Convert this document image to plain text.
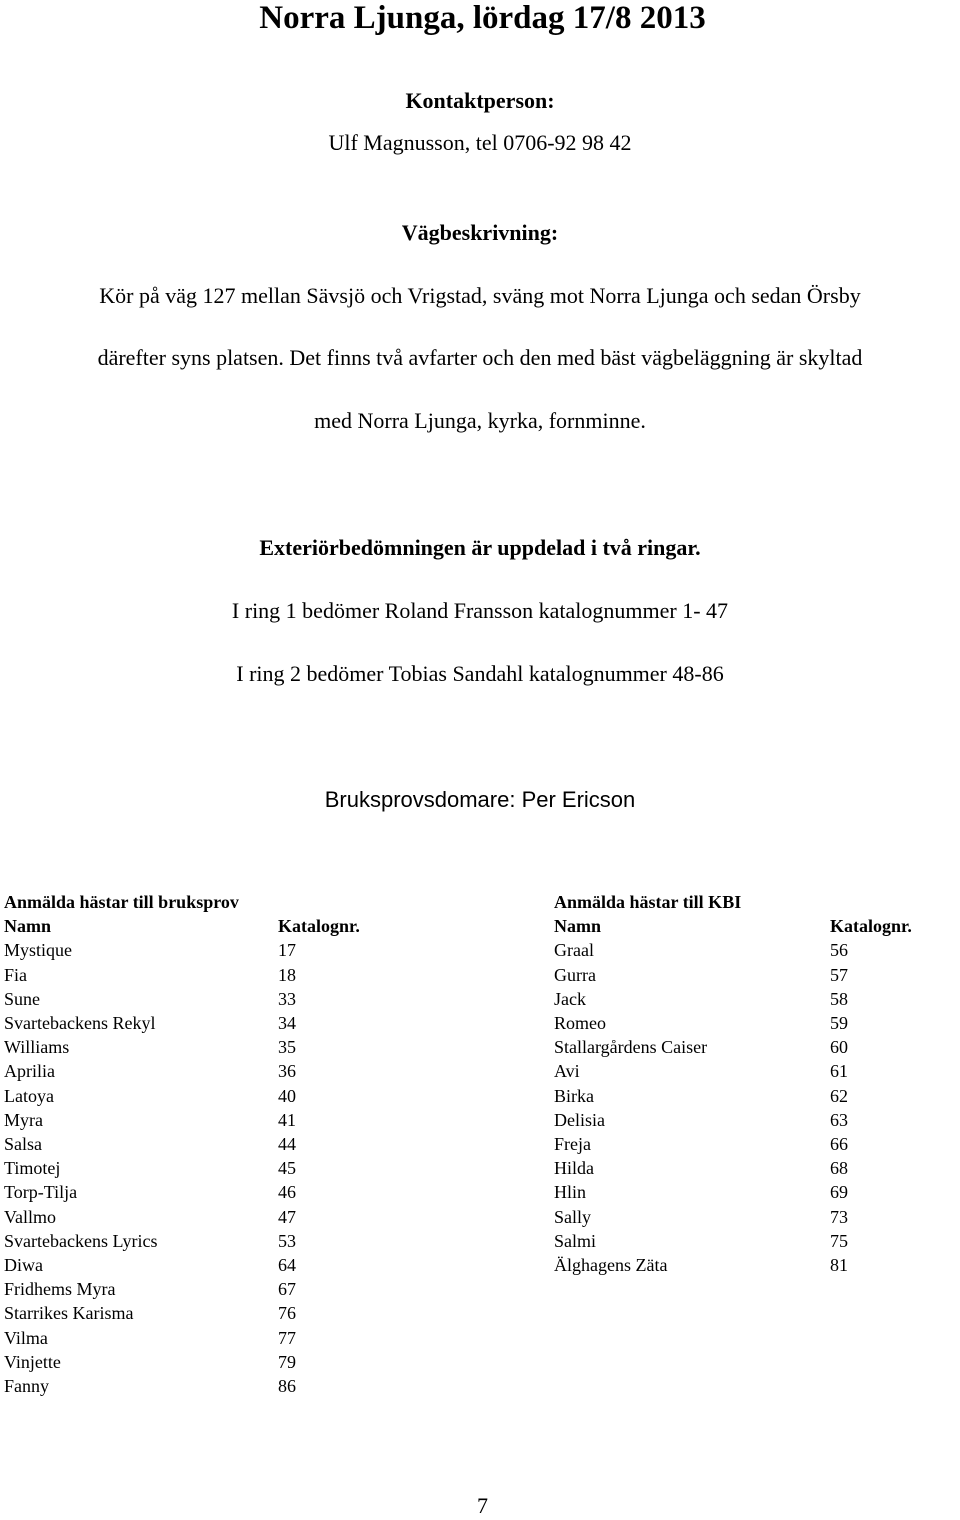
Norra Ljunga, lördag 17/8 2013
Kontaktperson:
Ulf Magnusson, tel 0706-92 98 42
Vägbeskrivning:
Kör på väg 127 mellan Sävsjö och Vrigstad, sväng mot Norra Ljunga och sedan Örsby
därefter syns platsen. Det finns två avfarter och den med bäst vägbeläggning är skyltad
med Norra Ljunga, kyrka, fornminne.
Exteriörbedömningen är uppdelad i två ringar.
I ring 1 bedömer Roland Fransson katalognummer 1- 47
I ring 2 bedömer Tobias Sandahl katalognummer 48-86
Bruksprovsdomare: Per Ericson
Anmälda hästar till bruksprov
Namn	Katalognr.
Mystique	17
Fia	18
Sune	33
Svartebackens Rekyl	34
Williams	35
Aprilia	36
Latoya	40
Myra	41
Salsa	44
Timotej	45
Torp-Tilja	46
Vallmo	47
Svartebackens Lyrics	53
Diwa	64
Fridhems Myra	67
Starrikes Karisma	76
Vilma	77
Vinjette	79
Fanny	86
Anmälda hästar till KBI
Namn	Katalognr.
Graal	56
Gurra	57
Jack	58
Romeo	59
Stallargårdens Caiser	60
Avi	61
Birka	62
Delisia	63
Freja	66
Hilda	68
Hlin	69
Sally	73
Salmi	75
Älghagens Zäta	81
7
